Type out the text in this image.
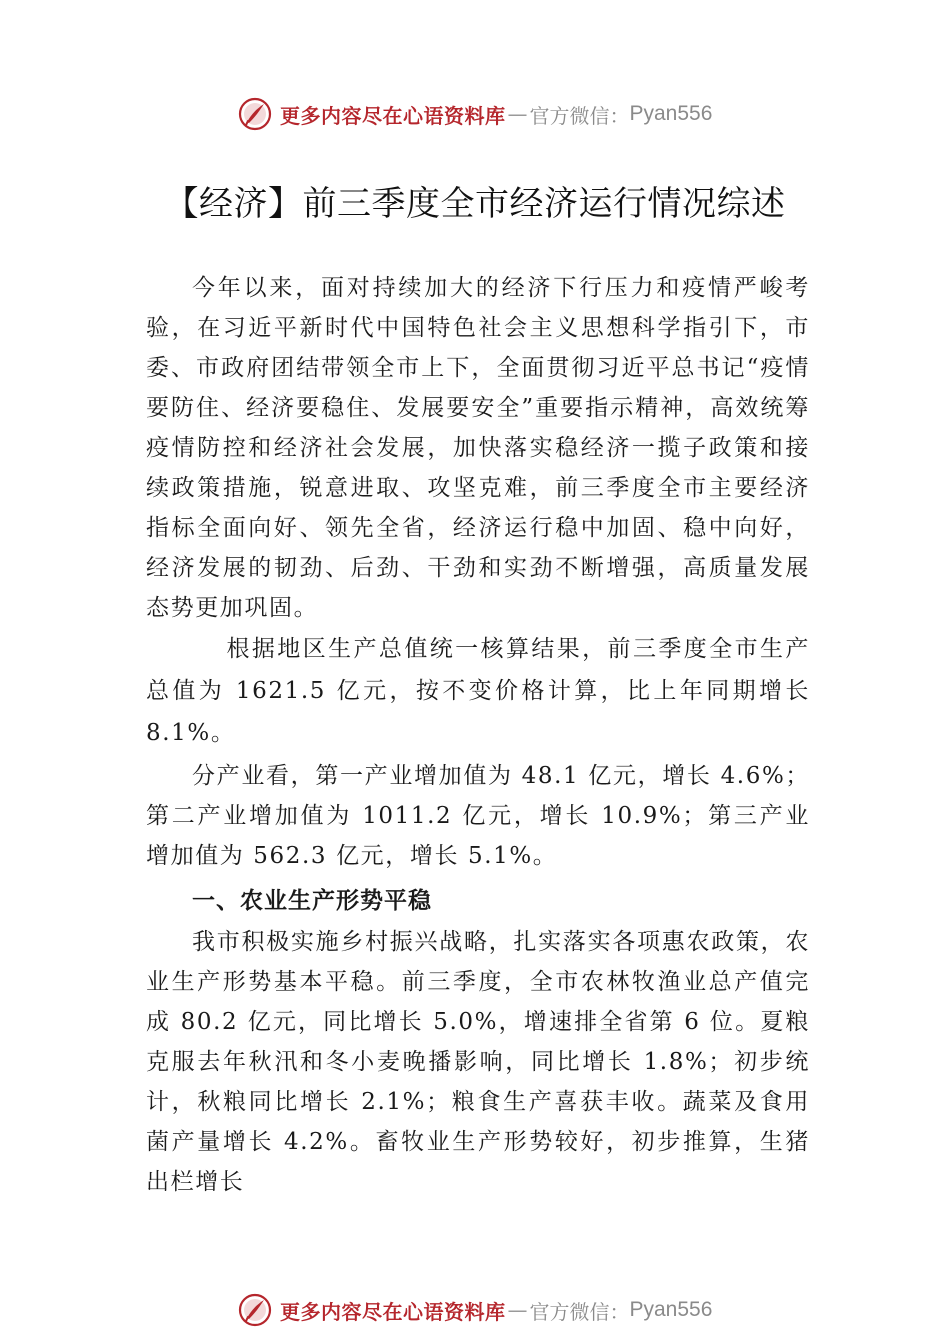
更多内容尽在心语资料库 — 官方微信： Pyan556
【经济】前三季度全市经济运行情况综述

今年以来，面对持续加大的经济下行压力和疫情严峻考验，在习近平新时代中国特色社会主义思想科学指引下，市委、市政府团结带领全市上下，全面贯彻习近平总书记“疫情要防住、经济要稳住、发展要安全”重要指示精神，高效统筹疫情防控和经济社会发展，加快落实稳经济一揽子政策和接续政策措施，锐意进取、攻坚克难，前三季度全市主要经济指标全面向好、领先全省，经济运行稳中加固、稳中向好，经济发展的韧劲、后劲、干劲和实劲不断增强，高质量发展态势更加巩固。

根据地区生产总值统一核算结果，前三季度全市生产总值为 1621.5 亿元，按不变价格计算，比上年同期增长 8.1%。

分产业看，第一产业增加值为 48.1 亿元，增长 4.6%；第二产业增加值为 1011.2 亿元，增长 10.9%；第三产业增加值为 562.3 亿元，增长 5.1%。

一、农业生产形势平稳

我市积极实施乡村振兴战略，扎实落实各项惠农政策，农业生产形势基本平稳。前三季度，全市农林牧渔业总产值完成 80.2 亿元，同比增长 5.0%，增速排全省第 6 位。夏粮克服去年秋汛和冬小麦晚播影响，同比增长 1.8%；初步统计，秋粮同比增长 2.1%；粮食生产喜获丰收。蔬菜及食用菌产量增长 4.2%。畜牧业生产形势较好，初步推算，生猪出栏增长

更多内容尽在心语资料库 — 官方微信： Pyan556
